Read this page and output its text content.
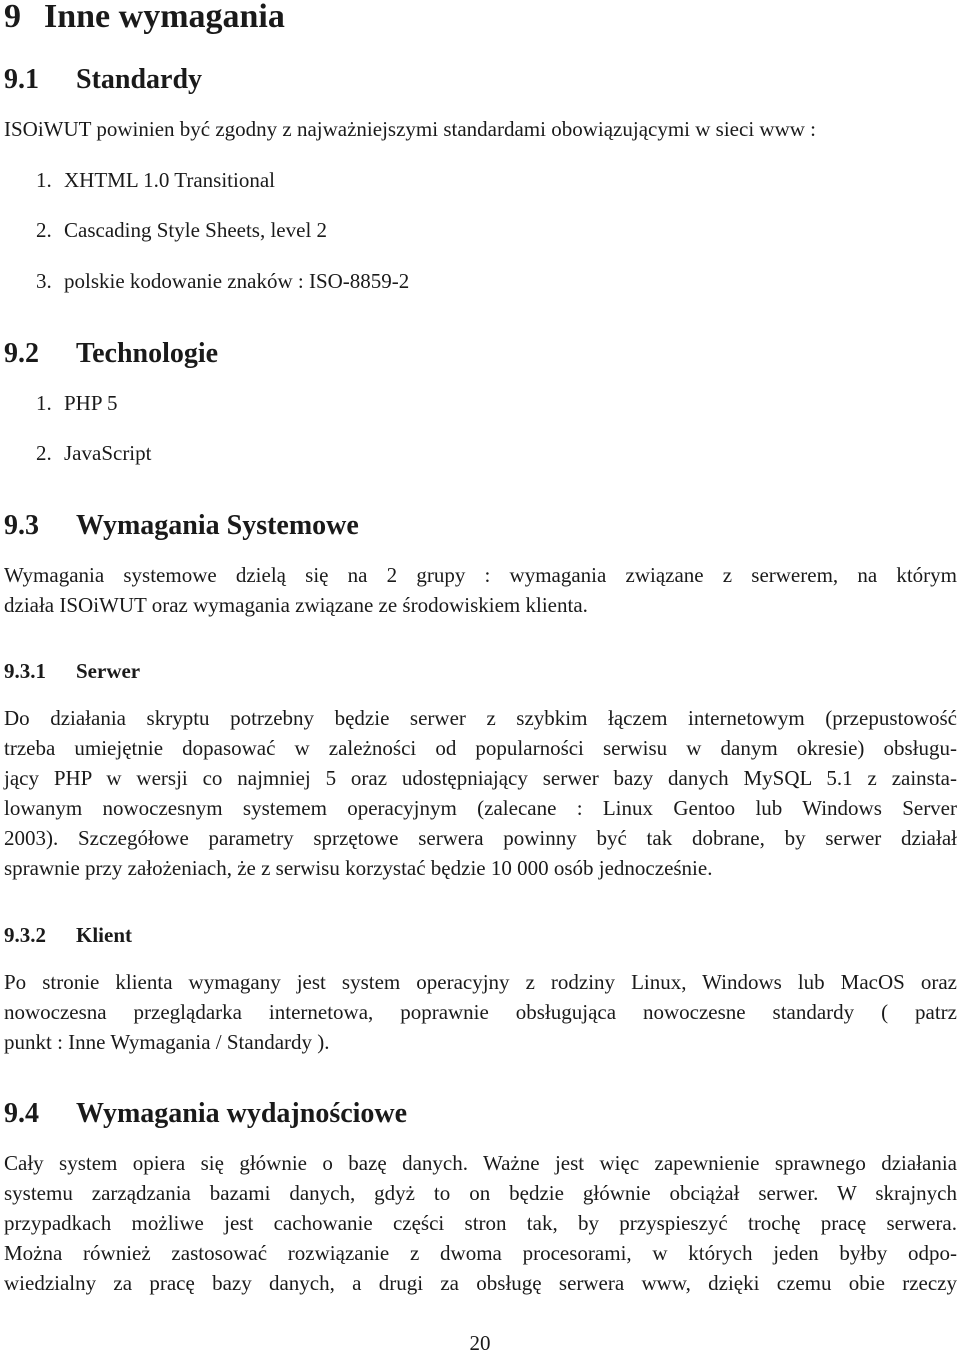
9 Inne wymagania
9.1 Standardy

ISOiWUT powinien być zgodny z najważniejszymi standardami obowiązującymi w sieci www :

1. XHTML 1.0 Transitional

2. Cascading Style Sheets, level 2

3. polskie kodowanie znaków : ISO-8859-2

9.2 Technologie

1. PHP 5

2. JavaScript

9.3 Wymagania Systemowe

Wymagania systemowe dzielą się na 2 grupy : wymagania związane z serwerem, na którym
działa ISOiWUT oraz wymagania związane ze środowiskiem klienta.

9.3.1 Serwer

Do działania skryptu potrzebny będzie serwer z szybkim łączem internetowym (przepustowość
trzeba umiejętnie dopasować w zależności od popularności serwisu w danym okresie) obsługu-
jący PHP w wersji co najmniej 5 oraz udostępniający serwer bazy danych MySQL 5.1 z zainsta-
lowanym nowoczesnym systemem operacyjnym (zalecane : Linux Gentoo lub Windows Server
2003). Szczegółowe parametry sprzętowe serwera powinny być tak dobrane, by serwer działał
sprawnie przy założeniach, że z serwisu korzystać będzie 10 000 osób jednocześnie.

9.3.2 Klient

Po stronie klienta wymagany jest system operacyjny z rodziny Linux, Windows lub MacOS oraz
nowoczesna przeglądarka internetowa, poprawnie obsługująca nowoczesne standardy ( patrz
punkt : Inne Wymagania / Standardy ).

9.4 Wymagania wydajnościowe

Cały system opiera się głównie o bazę danych. Ważne jest więc zapewnienie sprawnego działania
systemu zarządzania bazami danych, gdyż to on będzie głównie obciążał serwer. W skrajnych
przypadkach możliwe jest cachowanie części stron tak, by przyspieszyć trochę pracę serwera.
Można również zastosować rozwiązanie z dwoma procesorami, w których jeden byłby odpo-
wiedzialny za pracę bazy danych, a drugi za obsługę serwera www, dzięki czemu obie rzeczy

20
